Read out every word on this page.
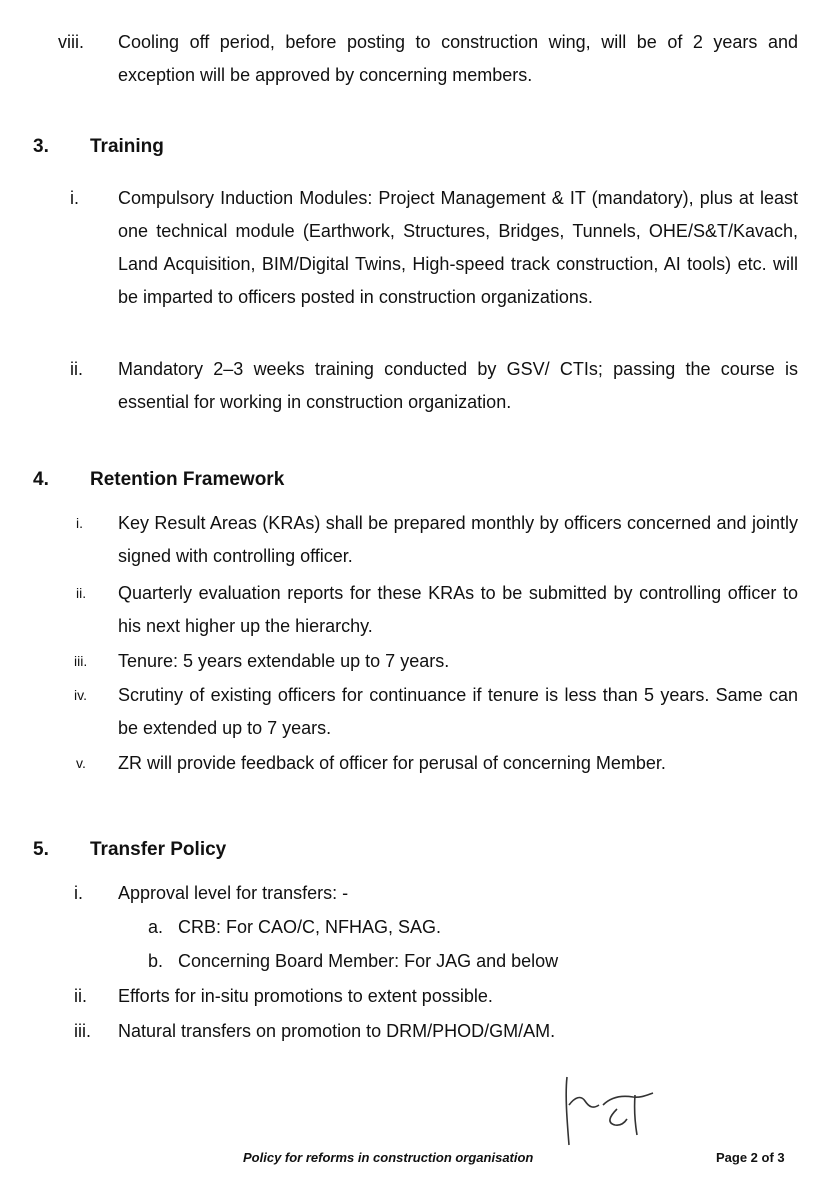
viii.	Cooling off period, before posting to construction wing, will be of 2 years and exception will be approved by concerning members.
3. Training
i.	Compulsory Induction Modules: Project Management & IT (mandatory), plus at least one technical module (Earthwork, Structures, Bridges, Tunnels, OHE/S&T/Kavach, Land Acquisition, BIM/Digital Twins, High-speed track construction, AI tools) etc. will be imparted to officers posted in construction organizations.
ii.	Mandatory 2–3 weeks training conducted by GSV/ CTIs; passing the course is essential for working in construction organization.
4. Retention Framework
i.	Key Result Areas (KRAs) shall be prepared monthly by officers concerned and jointly signed with controlling officer.
ii.	Quarterly evaluation reports for these KRAs to be submitted by controlling officer to his next higher up the hierarchy.
iii.	Tenure: 5 years extendable up to 7 years.
iv.	Scrutiny of existing officers for continuance if tenure is less than 5 years. Same can be extended up to 7 years.
v.	ZR will provide feedback of officer for perusal of concerning Member.
5. Transfer Policy
i.	Approval level for transfers: -
a. CRB: For CAO/C, NFHAG, SAG.
b. Concerning Board Member: For JAG and below
ii.	Efforts for in-situ promotions to extent possible.
iii.	Natural transfers on promotion to DRM/PHOD/GM/AM.
Policy for reforms in construction organisation	Page 2 of 3
